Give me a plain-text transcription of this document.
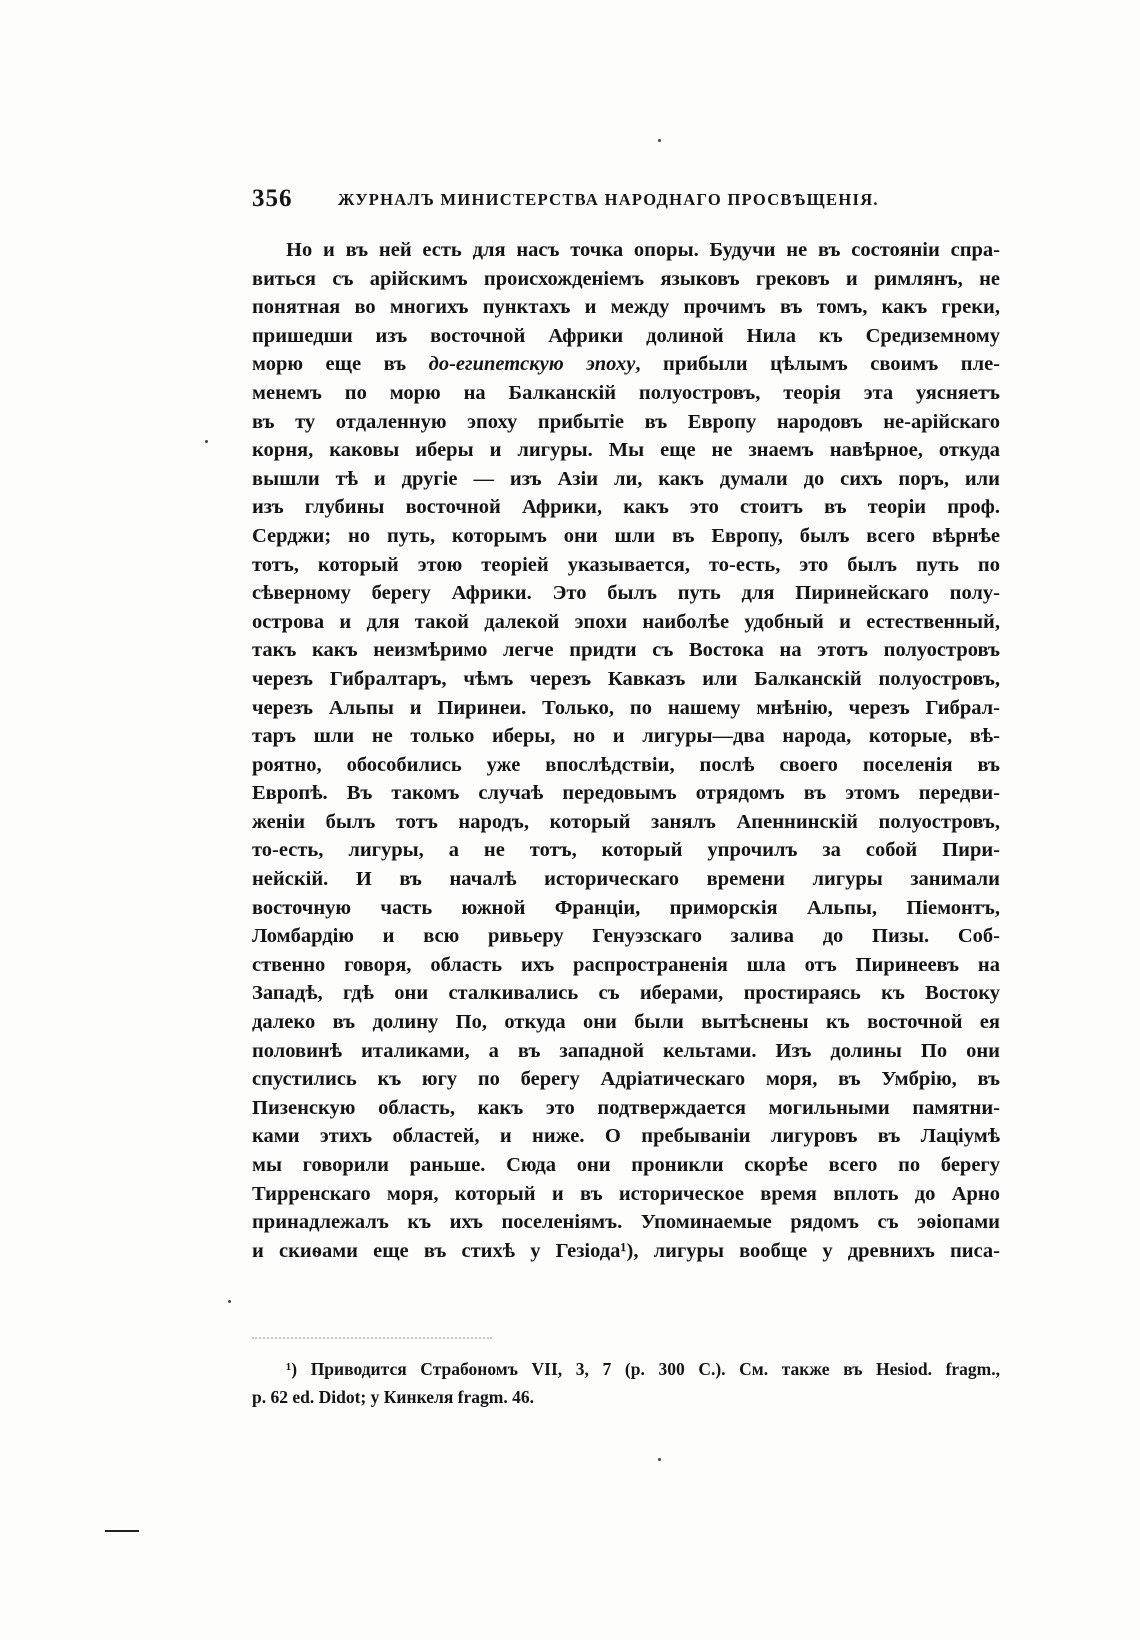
356	ЖУРНАЛЪ МИНИСТЕРСТВА НАРОДНАГО ПРОСВѢЩЕНІЯ.
Но и въ ней есть для насъ точка опоры. Будучи не въ состояніи спра-
виться съ арійскимъ происхожденіемъ языковъ грековъ и римлянъ, не
понятная во многихъ пунктахъ и между прочимъ въ томъ, какъ греки,
пришедши изъ восточной Африки долиной Нила къ Средиземному
морю еще въ до-египетскую эпоху, прибыли цѣлымъ своимъ пле-
менемъ по морю на Балканскій полуостровъ, теорія эта уясняетъ
въ ту отдаленную эпоху прибытіе въ Европу народовъ не-арійскаго
корня, каковы иберы и лигуры. Мы еще не знаемъ навѣрное, откуда
вышли тѣ и другіе — изъ Азіи ли, какъ думали до сихъ поръ, или
изъ глубины восточной Африки, какъ это стоитъ въ теоріи проф.
Серджи; но путь, которымъ они шли въ Европу, былъ всего вѣрнѣе
тотъ, который этою теоріей указывается, то-есть, это былъ путь по
сѣверному берегу Африки. Это былъ путь для Пиринейскаго полу-
острова и для такой далекой эпохи наиболѣе удобный и естественный,
такъ какъ неизмѣримо легче придти съ Востока на этотъ полуостровъ
черезъ Гибралтаръ, чѣмъ черезъ Кавказъ или Балканскій полуостровъ,
черезъ Альпы и Пиринеи. Только, по нашему мнѣнію, черезъ Гибрал-
таръ шли не только иберы, но и лигуры—два народа, которые, вѣ-
роятно, обособились уже впослѣдствіи, послѣ своего поселенія въ
Европѣ. Въ такомъ случаѣ передовымъ отрядомъ въ этомъ передви-
женіи былъ тотъ народъ, который занялъ Апеннинскій полуостровъ,
то-есть, лигуры, а не тотъ, который упрочилъ за собой Пири-
нейскій. И въ началѣ историческаго времени лигуры занимали
восточную часть южной Франціи, приморскія Альпы, Піемонтъ,
Ломбардію и всю ривьеру Генуэзскаго залива до Пизы. Соб-
ственно говоря, область ихъ распространенія шла отъ Пиринеевъ на
Западѣ, гдѣ они сталкивались съ иберами, простираясь къ Востоку
далеко въ долину По, откуда они были вытѣснены къ восточной ея
половинѣ италиками, а въ западной кельтами. Изъ долины По они
спустились къ югу по берегу Адріатическаго моря, въ Умбрію, въ
Пизенскую область, какъ это подтверждается могильными памятни-
ками этихъ областей, и ниже. О пребываніи лигуровъ въ Лаціумѣ
мы говорили раньше. Сюда они проникли скорѣе всего по берегу
Тирренскаго моря, который и въ историческое время вплоть до Арно
принадлежалъ къ ихъ поселеніямъ. Упоминаемые рядомъ съ эѳіопами
и скиѳами еще въ стихѣ у Гезіода¹), лигуры вообще у древнихъ писа-
¹) Приводится Страбономъ VII, 3, 7 (p. 300 C.). См. также въ Hesiod. fragm.,
p. 62 ed. Didot; у Кинкеля fragm. 46.
